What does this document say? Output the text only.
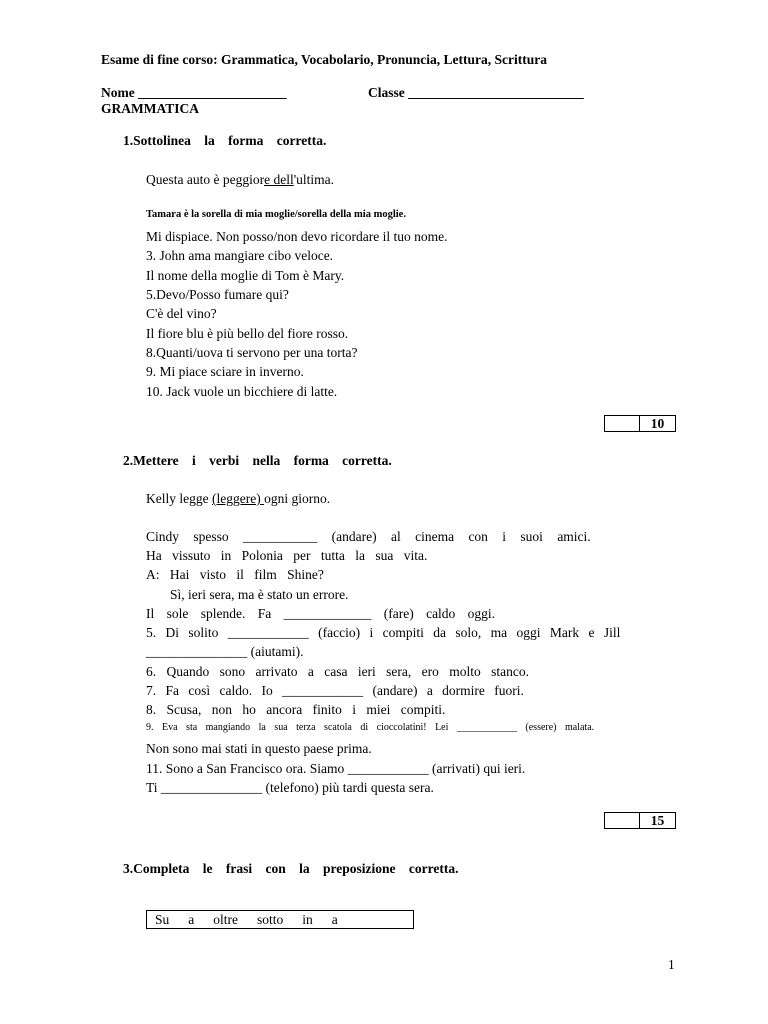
Esame di fine corso: Grammatica, Vocabolario, Pronuncia, Lettura, Scrittura
Nome ______________________	Classe __________________________
GRAMMATICA
1.Sottolinea la forma corretta.
Questa auto è peggiore dell'ultima.
Tamara è la sorella di mia moglie/sorella della mia moglie.
Mi dispiace. Non posso/non devo ricordare il tuo nome.
3. John ama mangiare cibo veloce.
Il nome della moglie di Tom è Mary.
5.Devo/Posso fumare qui?
C'è del vino?
Il fiore blu è più bello del fiore rosso.
8.Quanti/uova ti servono per una torta?
9. Mi piace sciare in inverno.
10. Jack vuole un bicchiere di latte.
10
2.Mettere i verbi nella forma corretta.
Kelly legge (leggere) ogni giorno.
Cindy spesso ___________ (andare) al cinema con i suoi amici.
Ha vissuto in Polonia per tutta la sua vita.
A: Hai visto il film Shine?
Sì, ieri sera, ma è stato un errore.
Il sole splende. Fa _____________ (fare) caldo oggi.
5. Di solito ____________ (faccio) i compiti da solo, ma oggi Mark e Jill
_______________ (aiutami).
6. Quando sono arrivato a casa ieri sera, ero molto stanco.
7. Fa così caldo. Io ____________ (andare) a dormire fuori.
8. Scusa, non ho ancora finito i miei compiti.
9. Eva sta mangiando la sua terza scatola di cioccolatini! Lei ____________ (essere) malata.
Non sono mai stati in questo paese prima.
11. Sono a San Francisco ora. Siamo ____________ (arrivati) qui ieri.
Ti _______________ (telefono) più tardi questa sera.
15
3.Completa le frasi con la preposizione corretta.
Su a oltre sotto in a
1
